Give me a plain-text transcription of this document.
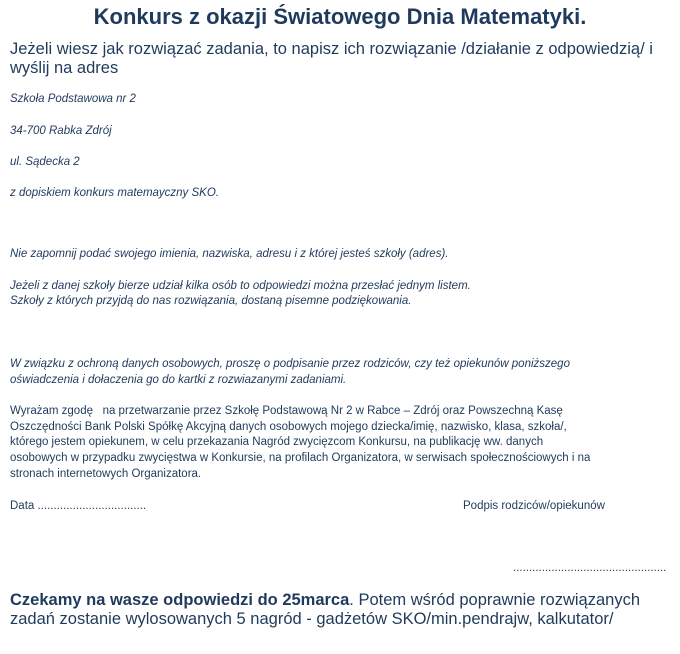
Konkurs z okazji Światowego Dnia Matematyki.
Jeżeli wiesz jak rozwiązać zadania, to napisz ich rozwiązanie /działanie z odpowiedzią/ i wyślij na adres
Szkoła Podstawowa nr 2
34-700 Rabka Zdrój
ul. Sądecka 2
z dopiskiem konkurs matemayczny SKO.
Nie zapomnij podać swojego imienia, nazwiska, adresu i z której jesteś szkoły (adres).
Jeżeli z danej szkoły bierze udział kilka osób to odpowiedzi można przesłać jednym listem.
Szkoły z których przyjdą do nas rozwiązania, dostaną pisemne podziękowania.
W związku z ochroną danych osobowych, proszę o podpisanie przez rodziców, czy też opiekunów poniższego
oświadczenia i dołaczenia go do kartki z rozwiazanymi zadaniami.
Wyrażam zgodę   na przetwarzanie przez Szkołę Podstawową Nr 2 w Rabce – Zdrój oraz Powszechną Kasę
Oszczędności Bank Polski Spółkę Akcyjną danych osobowych mojego dziecka/imię, nazwisko, klasa, szkoła/,
którego jestem opiekunem, w celu przekazania Nagród zwycięzcom Konkursu, na publikację ww. danych
osobowych w przypadku zwycięstwa w Konkursie, na profilach Organizatora, w serwisach społecznościowych i na
stronach internetowych Organizatora.
Data ..................................	Podpis rodziców/opiekunów
................................................
Czekamy na wasze odpowiedzi do 25marca. Potem wśród poprawnie rozwiązanych zadań zostanie wylosowanych 5 nagród - gadżetów SKO/min.pendrajw, kalkutator/
